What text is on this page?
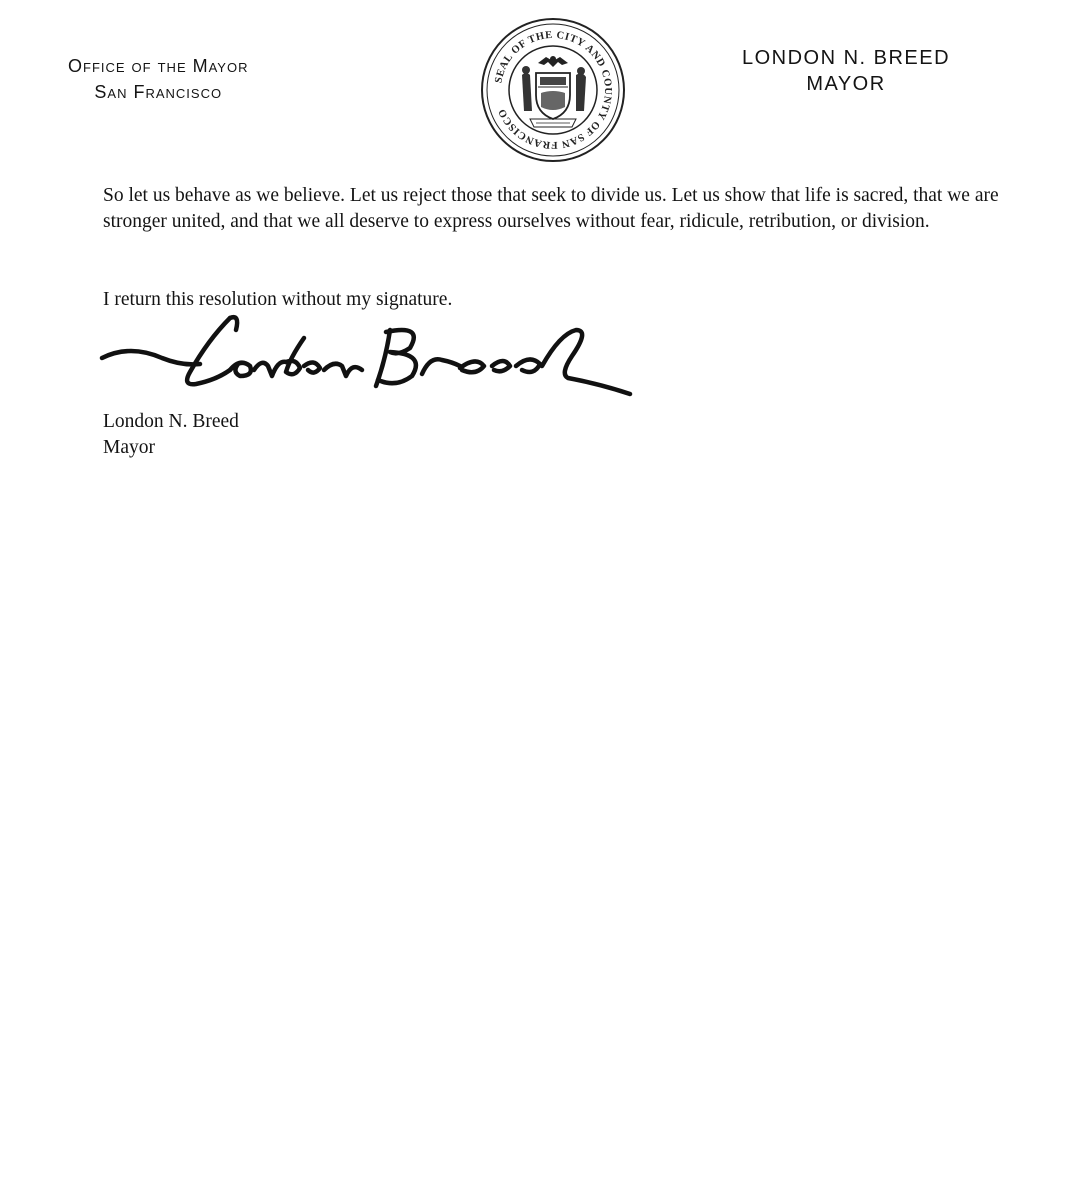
Office of the Mayor
San Francisco
SEAL OF THE CITY AND COUNTY OF SAN FRANCISCO
LONDON N. BREED
MAYOR

So let us behave as we believe. Let us reject those that seek to divide us. Let us show that life is sacred, that we are stronger united, and that we all deserve to express ourselves without fear, ridicule, retribution, or division.

I return this resolution without my signature.
London N. Breed
Mayor
